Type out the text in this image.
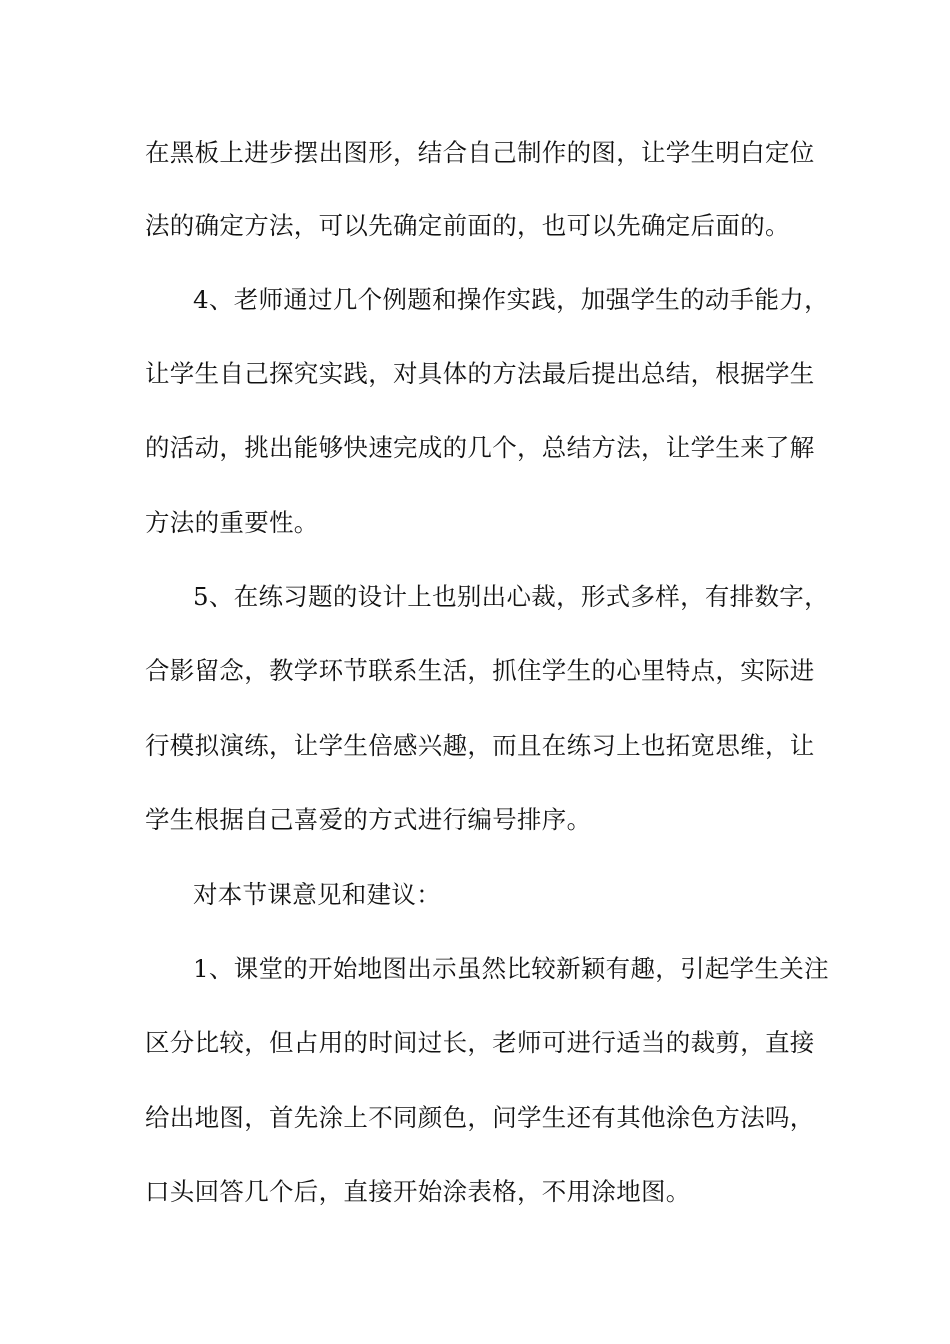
在黑板上进步摆出图形，结合自己制作的图，让学生明白定位
法的确定方法，可以先确定前面的，也可以先确定后面的。
4、老师通过几个例题和操作实践，加强学生的动手能力，
让学生自己探究实践，对具体的方法最后提出总结，根据学生
的活动，挑出能够快速完成的几个，总结方法，让学生来了解
方法的重要性。
5、在练习题的设计上也别出心裁，形式多样，有排数字，
合影留念，教学环节联系生活，抓住学生的心里特点，实际进
行模拟演练，让学生倍感兴趣，而且在练习上也拓宽思维，让
学生根据自己喜爱的方式进行编号排序。
对本节课意见和建议：
1、课堂的开始地图出示虽然比较新颖有趣，引起学生关注
区分比较，但占用的时间过长，老师可进行适当的裁剪，直接
给出地图，首先涂上不同颜色，问学生还有其他涂色方法吗，
口头回答几个后，直接开始涂表格，不用涂地图。
